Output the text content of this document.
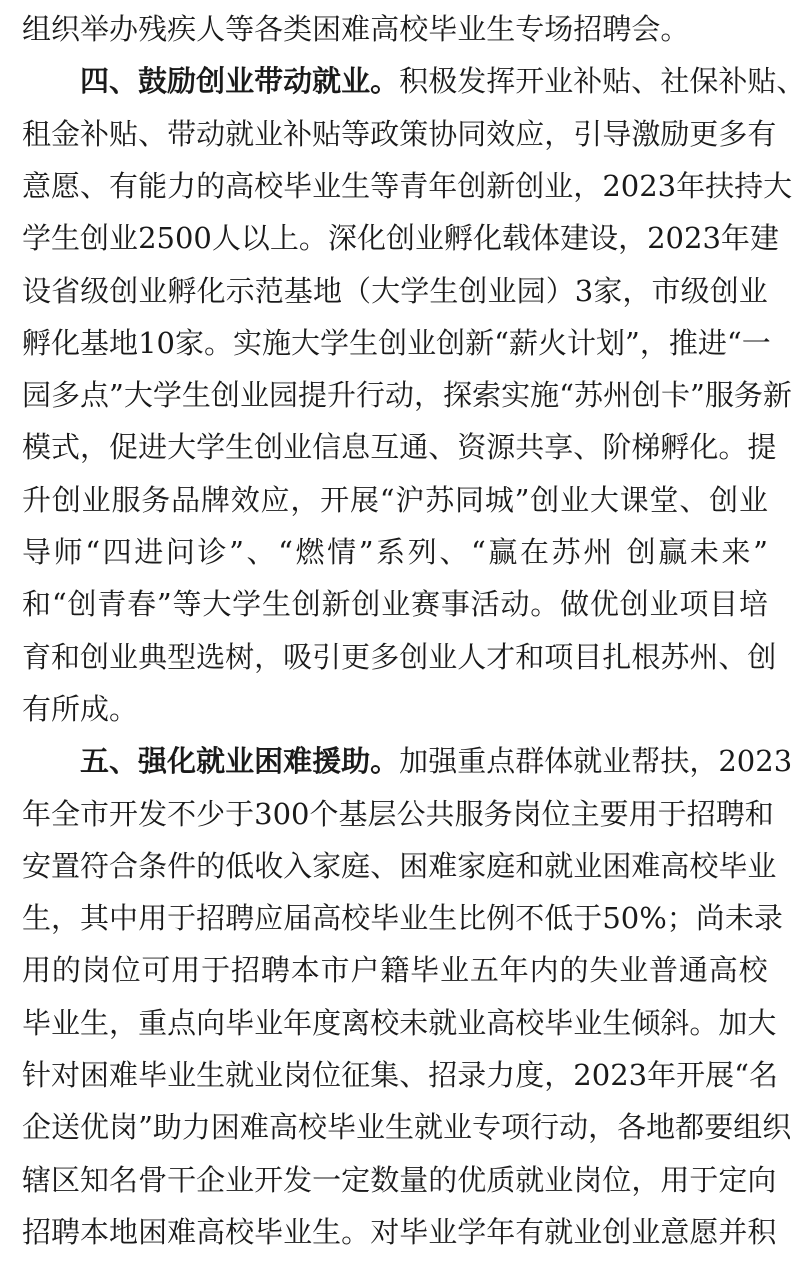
组 织 举 办 残 疾 人 等 各 类 困 难 高 校 毕 业 生 专 场 招 聘 会 。
四 、 鼓 励 创 业 带 动 就 业 。 积 极 发 挥 开 业 补 贴 、 社 保 补 贴 、
租 金 补 贴 、 带 动 就 业 补 贴 等 政 策 协 同 效 应 ， 引 导 激 励 更 多 有
意 愿 、 有 能 力 的 高 校 毕 业 生 等 青 年 创 新 创 业 ， 2023 年 扶 持 大
学 生 创 业 2500 人 以 上 。 深 化 创 业 孵 化 载 体 建 设 ， 2023 年 建
设 省 级 创 业 孵 化 示 范 基 地 （ 大 学 生 创 业 园 ） 3 家 ， 市 级 创 业
孵 化 基 地 10 家 。 实 施 大 学 生 创 业 创 新 “ 薪 火 计 划 ” ， 推 进 “ 一
园 多 点 ” 大 学 生 创 业 园 提 升 行 动 ， 探 索 实 施 “ 苏 州 创 卡 ” 服 务 新
模 式 ， 促 进 大 学 生 创 业 信 息 互 通 、 资 源 共 享 、 阶 梯 孵 化 。 提
升 创 业 服 务 品 牌 效 应 ， 开 展 “ 沪 苏 同 城 ” 创 业 大 课 堂 、 创 业
导 师 “ 四 进 问 诊 ” 、 “ 燃 情 ” 系 列 、 “ 赢 在 苏 州
创 赢 未 来 ”
和 “ 创 青 春 ” 等 大 学 生 创 新 创 业 赛 事 活 动 。 做 优 创 业 项 目 培
育 和 创 业 典 型 选 树 ， 吸 引 更 多 创 业 人 才 和 项 目 扎 根 苏 州 、 创
有 所 成 。
五 、 强 化 就 业 困 难 援 助 。 加 强 重 点 群 体 就 业 帮 扶 ， 2023
年 全 市 开 发 不 少 于 300 个 基 层 公 共 服 务 岗 位 主 要 用 于 招 聘 和
安 置 符 合 条 件 的 低 收 入 家 庭 、 困 难 家 庭 和 就 业 困 难 高 校 毕 业
生 ， 其 中 用 于 招 聘 应 届 高 校 毕 业 生 比 例 不 低 于 50% ； 尚 未 录
用 的 岗 位 可 用 于 招 聘 本 市 户 籍 毕 业 五 年 内 的 失 业 普 通 高 校
毕 业 生 ， 重 点 向 毕 业 年 度 离 校 未 就 业 高 校 毕 业 生 倾 斜 。 加 大
针 对 困 难 毕 业 生 就 业 岗 位 征 集 、 招 录 力 度 ， 2023 年 开 展 “ 名
企 送 优 岗 ” 助 力 困 难 高 校 毕 业 生 就 业 专 项 行 动 ， 各 地 都 要 组 织
辖 区 知 名 骨 干 企 业 开 发 一 定 数 量 的 优 质 就 业 岗 位 ， 用 于 定 向
招 聘 本 地 困 难 高 校 毕 业 生 。 对 毕 业 学 年 有 就 业 创 业 意 愿 并 积
